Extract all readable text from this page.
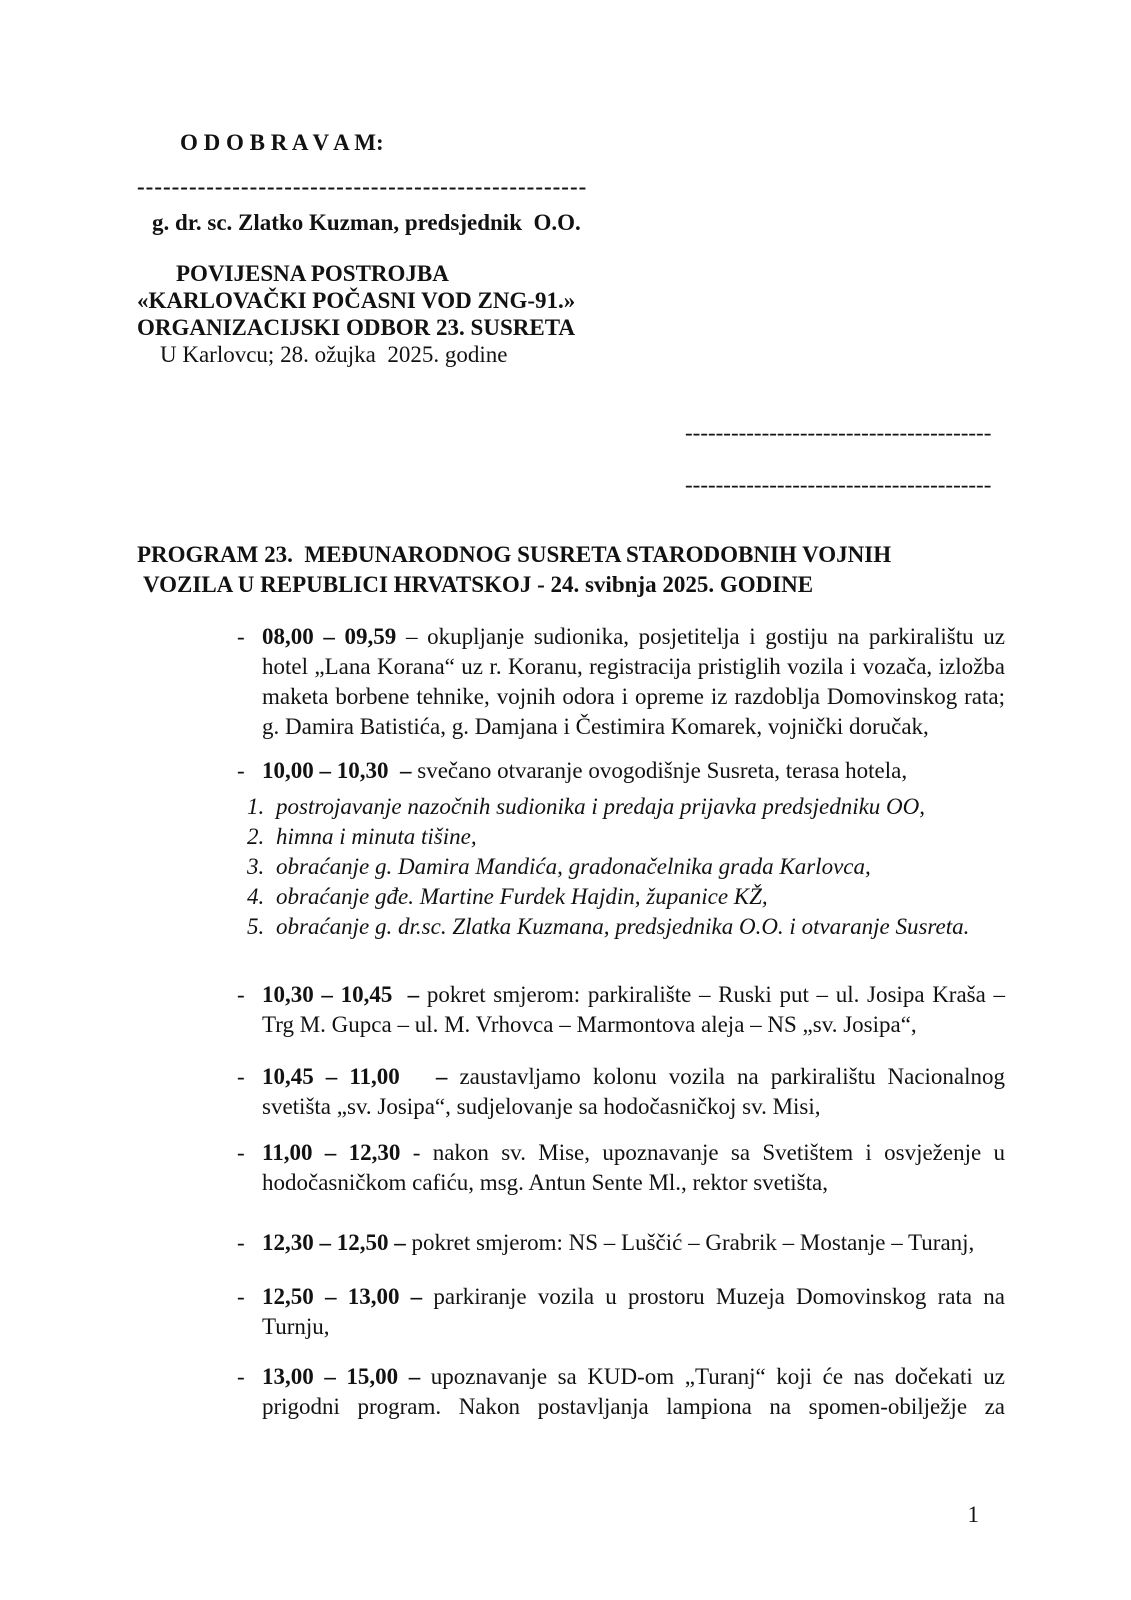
O D O B R A V A M:
----------------------------------------------------
g. dr. sc. Zlatko Kuzman, predsjednik  O.O.
POVIJESNA POSTROJBA
«KARLOVAČKI POČASNI VOD ZNG-91.»
ORGANIZACIJSKI ODBOR 23. SUSRETA
U Karlovcu; 28. ožujka  2025. godine
----------------------------------------
----------------------------------------
PROGRAM 23.  MEĐUNARODNOG SUSRETA STARODOBNIH VOJNIH
VOZILA U REPUBLICI HRVATSKOJ - 24. svibnja 2025. GODINE
- 08,00 – 09,59 – okupljanje sudionika, posjetitelja i gostiju na parkiralištu uz hotel „Lana Korana“ uz r. Koranu, registracija pristiglih vozila i vozača, izložba maketa borbene tehnike, vojnih odora i opreme iz razdoblja Domovinskog rata; g. Damira Batistića, g. Damjana i Čestimira Komarek, vojnički doručak,

- 10,00 – 10,30  – svečano otvaranje ovogodišnje Susreta, terasa hotela,

1. postrojavanje nazočnih sudionika i predaja prijavka predsjedniku OO,
2. himna i minuta tišine,
3. obraćanje g. Damira Mandića, gradonačelnika grada Karlovca,
4. obraćanje gđe. Martine Furdek Hajdin, županice KŽ,
5. obraćanje g. dr.sc. Zlatka Kuzmana, predsjednika O.O. i otvaranje Susreta.
- 10,30 – 10,45  – pokret smjerom: parkiralište – Ruski put – ul. Josipa Kraša – Trg M. Gupca – ul. M. Vrhovca – Marmontova aleja – NS „sv. Josipa“,

- 10,45 – 11,00   – zaustavljamo kolonu vozila na parkiralištu Nacionalnog svetišta „sv. Josipa“, sudjelovanje sa hodočasničkoj sv. Misi,

- 11,00 – 12,30 - nakon sv. Mise, upoznavanje sa Svetištem i osvježenje u hodočasničkom cafiću, msg. Antun Sente Ml., rektor svetišta,

- 12,30 – 12,50 – pokret smjerom: NS – Luščić – Grabrik – Mostanje – Turanj,

- 12,50 – 13,00 – parkiranje vozila u prostoru Muzeja Domovinskog rata na Turnju,

- 13,00 – 15,00 – upoznavanje sa KUD-om „Turanj“ koji će nas dočekati uz prigodni program. Nakon postavljanja lampiona na spomen-obilježje za

1
